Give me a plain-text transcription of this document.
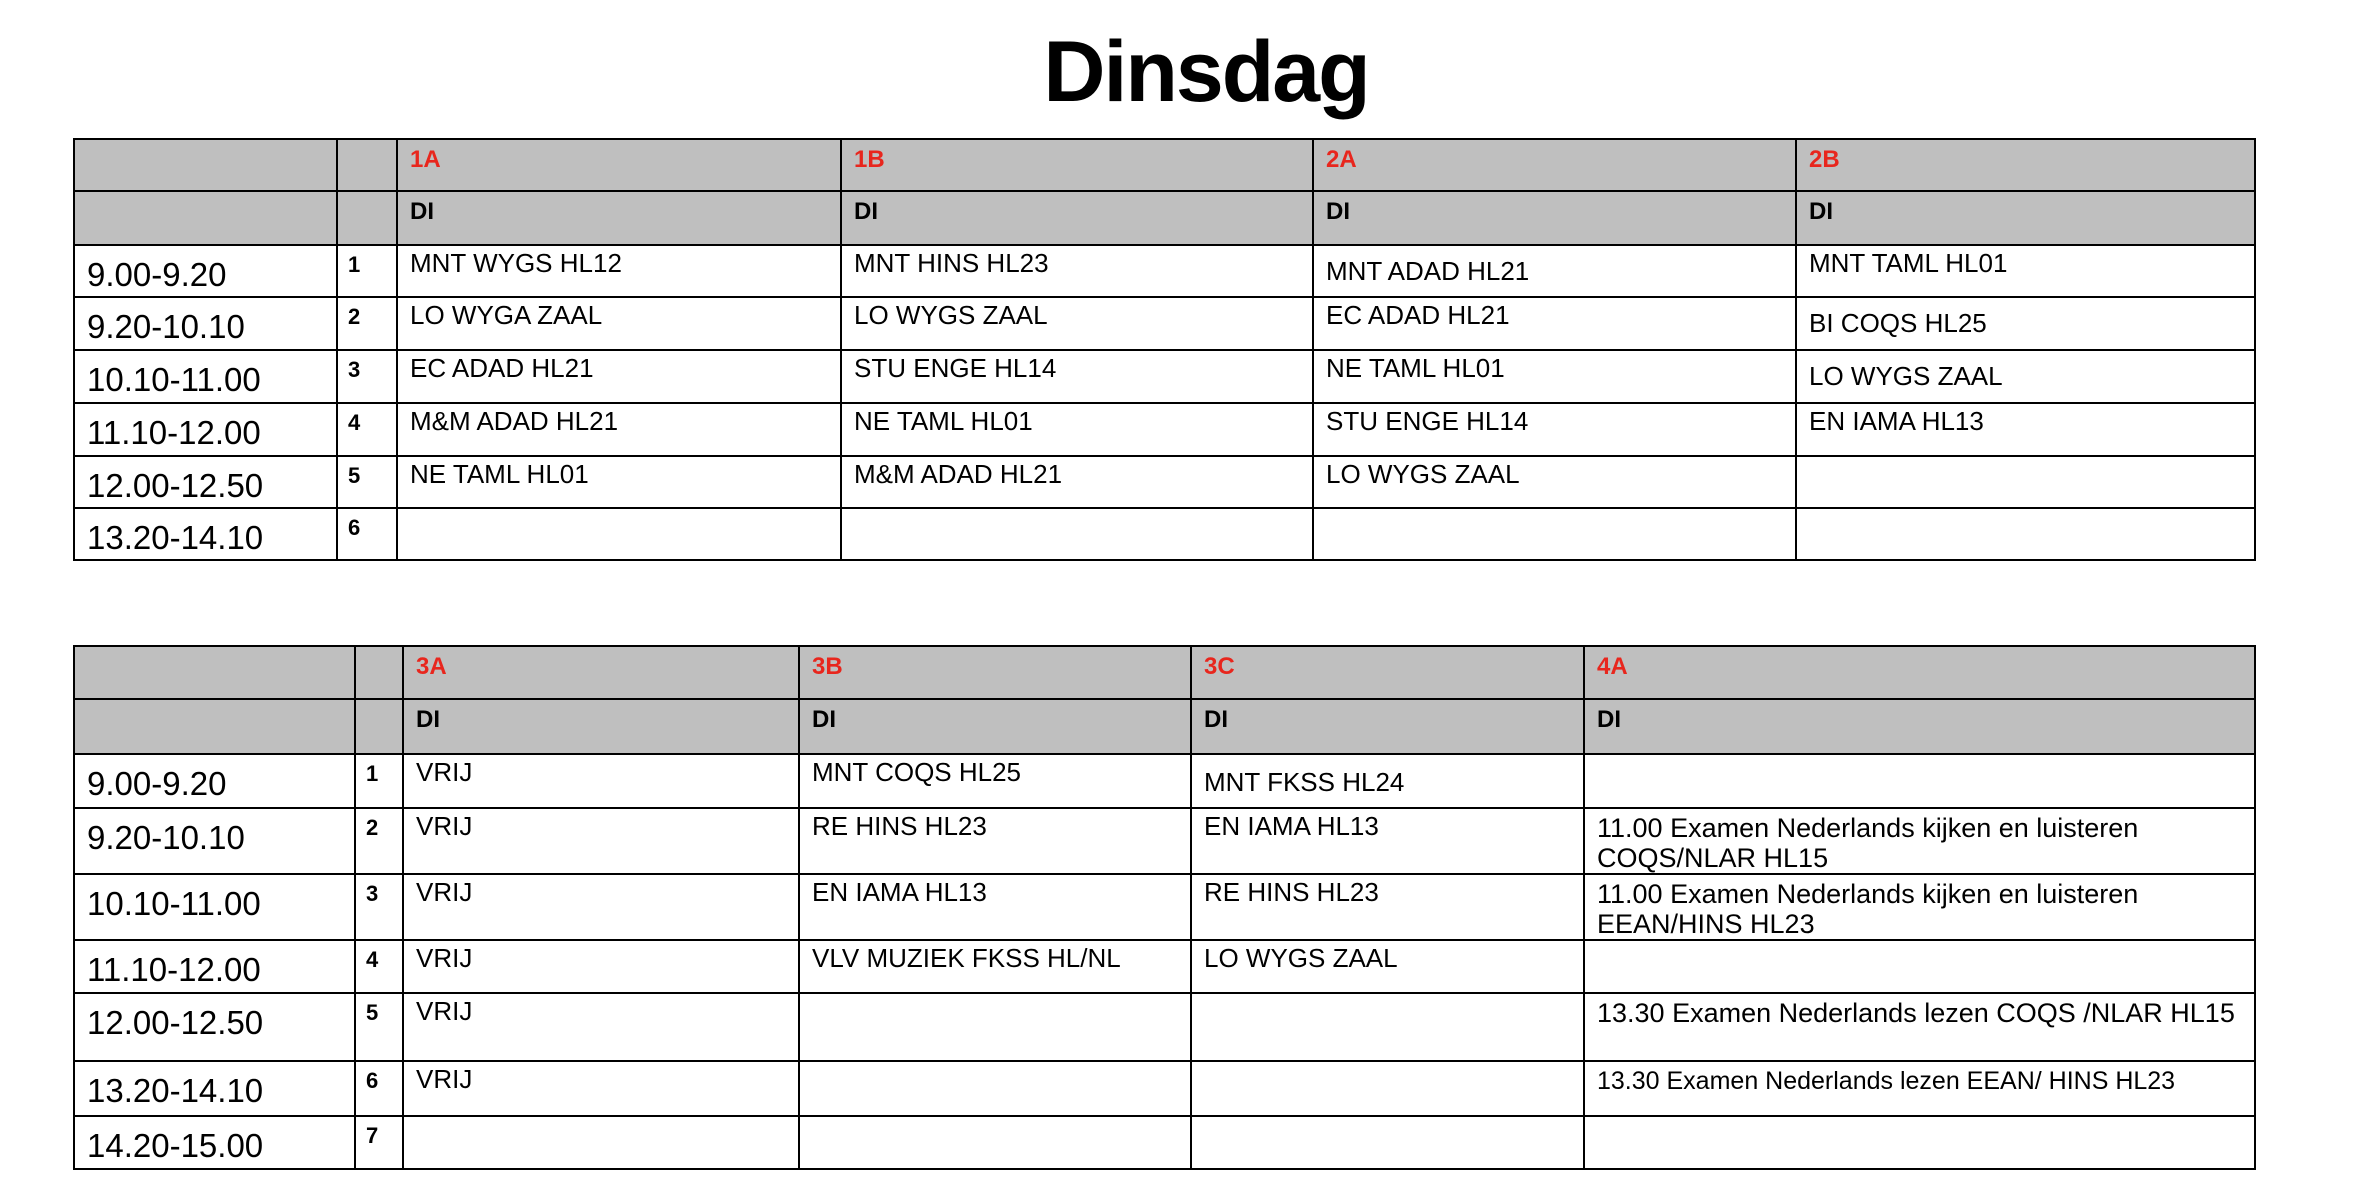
Dinsdag

		1A	1B	2A	2B

		DI	DI	DI	DI

9.00-9.20	1	MNT WYGS HL12	MNT HINS HL23	MNT ADAD HL21	MNT TAML HL01

9.20-10.10	2	LO WYGA ZAAL	LO WYGS ZAAL	EC ADAD HL21	BI COQS HL25

10.10-11.00	3	EC ADAD HL21	STU ENGE HL14	NE TAML HL01	LO WYGS ZAAL

11.10-12.00	4	M&M ADAD HL21	NE TAML HL01	STU ENGE HL14	EN IAMA HL13

12.00-12.50	5	NE TAML HL01	M&M ADAD HL21	LO WYGS ZAAL	

13.20-14.10	6	

		3A	3B	3C	4A

		DI	DI	DI	DI

9.00-9.20	1	VRIJ	MNT COQS HL25	MNT FKSS HL24	

9.20-10.10	2	VRIJ	RE HINS HL23	EN IAMA HL13	11.00 Examen Nederlands kijken en luisteren COQS/NLAR HL15

10.10-11.00	3	VRIJ	EN IAMA HL13	RE HINS HL23	11.00 Examen Nederlands kijken en luisteren EEAN/HINS HL23

11.10-12.00	4	VRIJ	VLV MUZIEK FKSS HL/NL	LO WYGS ZAAL	

12.00-12.50	5	VRIJ			13.30 Examen Nederlands lezen COQS /NLAR HL15

13.20-14.10	6	VRIJ			13.30 Examen Nederlands lezen EEAN/ HINS HL23

14.20-15.00	7	
